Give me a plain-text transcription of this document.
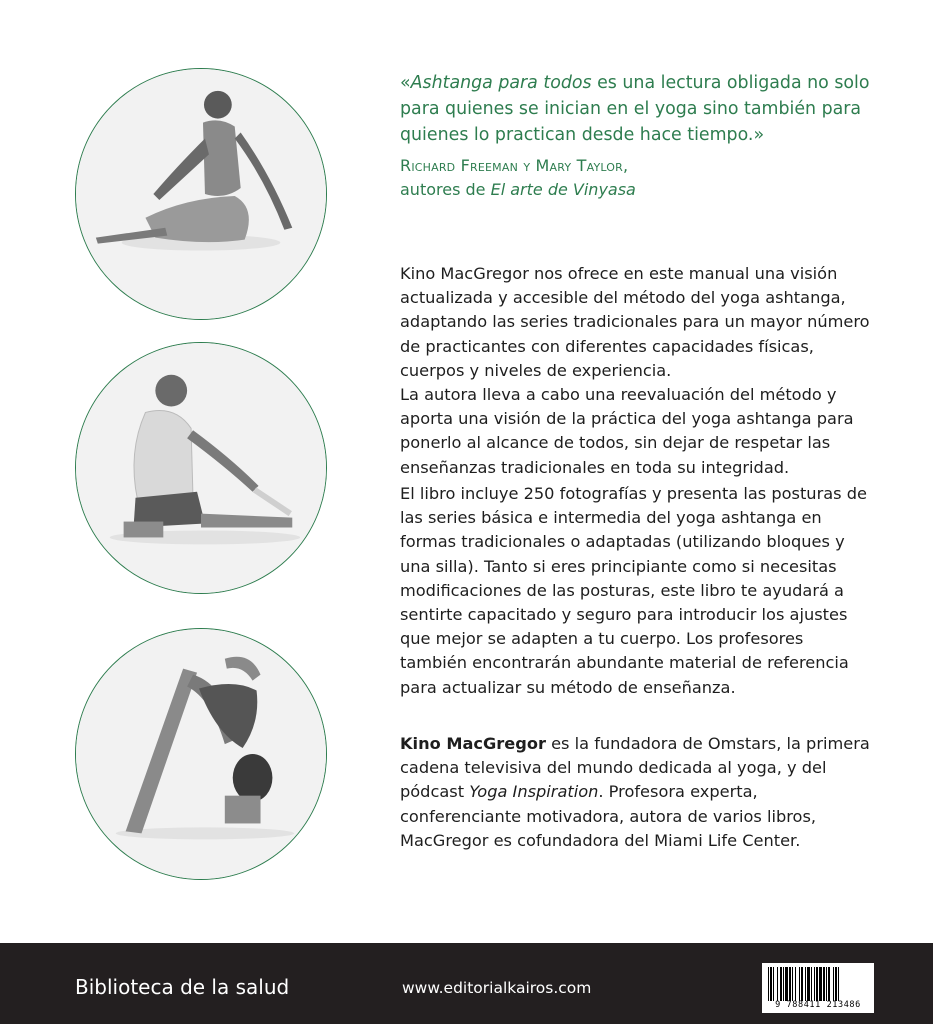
«Ashtanga para todos es una lectura obligada no solo para quienes se inician en el yoga sino también para quienes lo practican desde hace tiempo.»
Richard Freeman y Mary Taylor,
autores de El arte de Vinyasa

Kino MacGregor nos ofrece en este manual una visión actualizada y accesible del método del yoga ashtanga, adaptando las series tradicionales para un mayor número de practicantes con diferentes capacidades físicas, cuerpos y niveles de experiencia.

La autora lleva a cabo una reevaluación del método y aporta una visión de la práctica del yoga ashtanga para ponerlo al alcance de todos, sin dejar de respetar las enseñanzas tradicionales en toda su integridad.

El libro incluye 250 fotografías y presenta las posturas de las series básica e intermedia del yoga ashtanga en formas tradicionales o adaptadas (utilizando bloques y una silla). Tanto si eres principiante como si necesitas modificaciones de las posturas, este libro te ayudará a sentirte capacitado y seguro para introducir los ajustes que mejor se adapten a tu cuerpo. Los profesores también encontrarán abundante material de referencia para actualizar su método de enseñanza.

Kino MacGregor es la fundadora de Omstars, la primera cadena televisiva del mundo dedicada al yoga, y del pódcast Yoga Inspiration. Profesora experta, conferenciante motivadora, autora de varios libros, MacGregor es cofundadora del Miami Life Center.

Biblioteca de la salud	www.editorialkairos.com
9 788411 213486
